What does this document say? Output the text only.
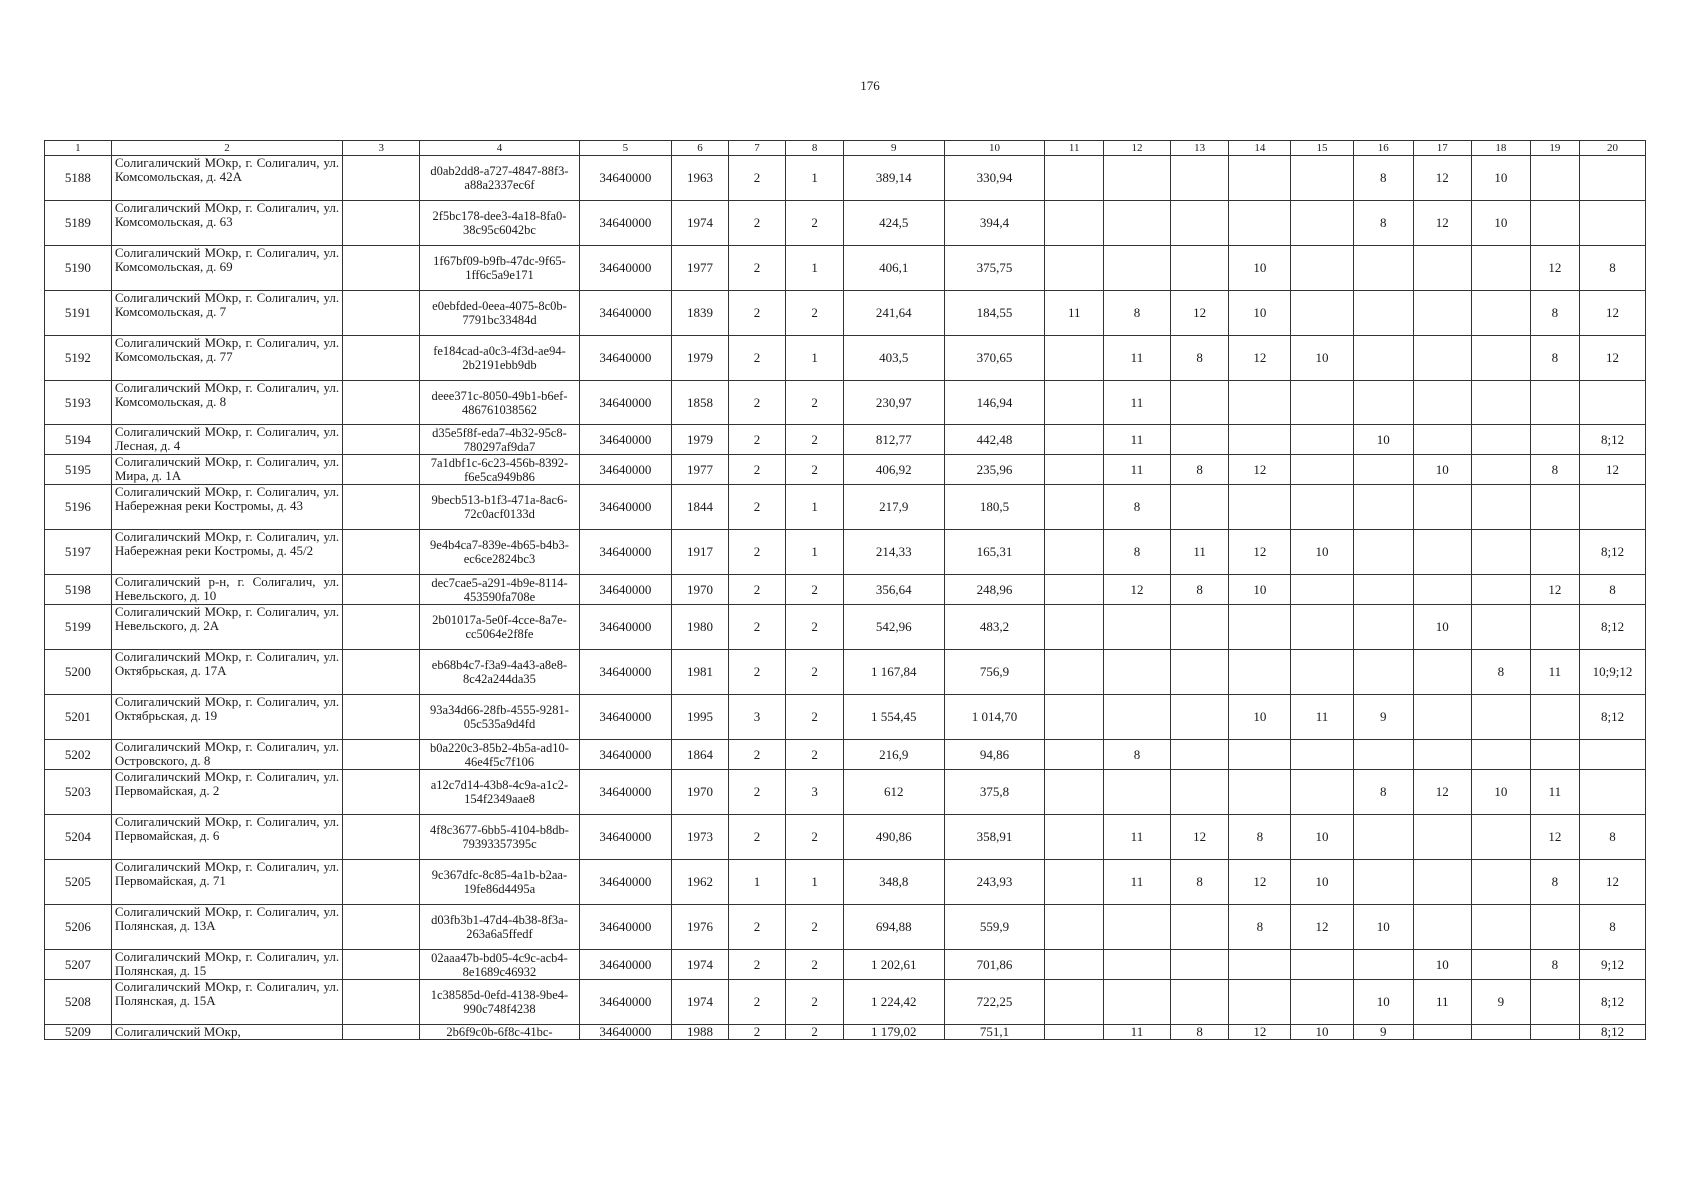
176
1	2	3	4	5	6	7	8	9	10	11	12	13	14	15	16	17	18	19	20
5188	Солигаличский МОкр, г. Солигалич, ул. Комсомольская, д. 42А		d0ab2dd8-a727-4847-88f3-a88a2337ec6f	34640000	1963	2	1	389,14	330,94						8	12	10		
5189	Солигаличский МОкр, г. Солигалич, ул. Комсомольская, д. 63		2f5bc178-dee3-4a18-8fa0-38c95c6042bc	34640000	1974	2	2	424,5	394,4						8	12	10		
5190	Солигаличский МОкр, г. Солигалич, ул. Комсомольская, д. 69		1f67bf09-b9fb-47dc-9f65-1ff6c5a9e171	34640000	1977	2	1	406,1	375,75				10					12	8
5191	Солигаличский МОкр, г. Солигалич, ул. Комсомольская, д. 7		e0ebfded-0eea-4075-8c0b-7791bc33484d	34640000	1839	2	2	241,64	184,55	11	8	12	10					8	12
5192	Солигаличский МОкр, г. Солигалич, ул. Комсомольская, д. 77		fe184cad-a0c3-4f3d-ae94-2b2191ebb9db	34640000	1979	2	1	403,5	370,65		11	8	12	10				8	12
5193	Солигаличский МОкр, г. Солигалич, ул. Комсомольская, д. 8		deee371c-8050-49b1-b6ef-486761038562	34640000	1858	2	2	230,97	146,94		11								
5194	Солигаличский МОкр, г. Солигалич, ул. Лесная, д. 4		d35e5f8f-eda7-4b32-95c8-780297af9da7	34640000	1979	2	2	812,77	442,48		11				10				8;12
5195	Солигаличский МОкр, г. Солигалич, ул. Мира, д. 1А		7a1dbf1c-6c23-456b-8392-f6e5ca949b86	34640000	1977	2	2	406,92	235,96		11	8	12			10		8	12
5196	Солигаличский МОкр, г. Солигалич, ул. Набережная реки Костромы, д. 43		9becb513-b1f3-471a-8ac6-72c0acf0133d	34640000	1844	2	1	217,9	180,5		8								
5197	Солигаличский МОкр, г. Солигалич, ул. Набережная реки Костромы, д. 45/2		9e4b4ca7-839e-4b65-b4b3-ec6ce2824bc3	34640000	1917	2	1	214,33	165,31		8	11	12	10					8;12
5198	Солигаличский р-н, г. Солигалич, ул. Невельского, д. 10		dec7cae5-a291-4b9e-8114-453590fa708e	34640000	1970	2	2	356,64	248,96		12	8	10					12	8
5199	Солигаличский МОкр, г. Солигалич, ул. Невельского, д. 2А		2b01017a-5e0f-4cce-8a7e-cc5064e2f8fe	34640000	1980	2	2	542,96	483,2							10			8;12
5200	Солигаличский МОкр, г. Солигалич, ул. Октябрьская, д. 17А		eb68b4c7-f3a9-4a43-a8e8-8c42a244da35	34640000	1981	2	2	1 167,84	756,9								8	11	10;9;12
5201	Солигаличский МОкр, г. Солигалич, ул. Октябрьская, д. 19		93a34d66-28fb-4555-9281-05c535a9d4fd	34640000	1995	3	2	1 554,45	1 014,70				10	11	9				8;12
5202	Солигаличский МОкр, г. Солигалич, ул. Островского, д. 8		b0a220c3-85b2-4b5a-ad10-46e4f5c7f106	34640000	1864	2	2	216,9	94,86		8								
5203	Солигаличский МОкр, г. Солигалич, ул. Первомайская, д. 2		a12c7d14-43b8-4c9a-a1c2-154f2349aae8	34640000	1970	2	3	612	375,8						8	12	10	11	
5204	Солигаличский МОкр, г. Солигалич, ул. Первомайская, д. 6		4f8c3677-6bb5-4104-b8db-79393357395c	34640000	1973	2	2	490,86	358,91		11	12	8	10				12	8
5205	Солигаличский МОкр, г. Солигалич, ул. Первомайская, д. 71		9c367dfc-8c85-4a1b-b2aa-19fe86d4495a	34640000	1962	1	1	348,8	243,93		11	8	12	10				8	12
5206	Солигаличский МОкр, г. Солигалич, ул. Полянская, д. 13А		d03fb3b1-47d4-4b38-8f3a-263a6a5ffedf	34640000	1976	2	2	694,88	559,9				8	12	10				8
5207	Солигаличский МОкр, г. Солигалич, ул. Полянская, д. 15		02aaa47b-bd05-4c9c-acb4-8e1689c46932	34640000	1974	2	2	1 202,61	701,86							10		8	9;12
5208	Солигаличский МОкр, г. Солигалич, ул. Полянская, д. 15А		1c38585d-0efd-4138-9be4-990c748f4238	34640000	1974	2	2	1 224,42	722,25						10	11	9		8;12
5209	Солигаличский МОкр,		2b6f9c0b-6f8c-41bc-	34640000	1988	2	2	1 179,02	751,1		11	8	12	10	9				8;12
